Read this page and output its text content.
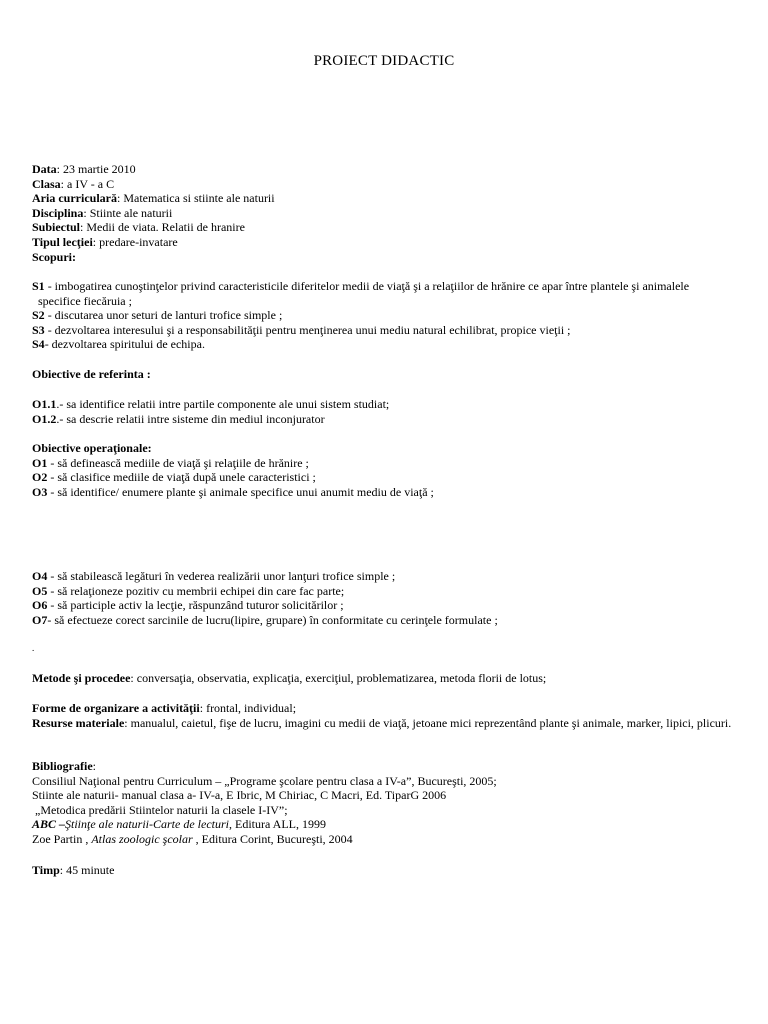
PROIECT DIDACTIC
Data: 23 martie 2010
Clasa: a IV - a C
Aria curriculară: Matematica si stiinte ale naturii
Disciplina: Stiinte ale naturii
Subiectul: Medii de viata. Relatii de hranire
Tipul lecţiei: predare-invatare
Scopuri:
S1 - imbogatirea cunoştinţelor privind caracteristicile diferitelor medii de viaţă şi a relaţiilor de hrănire ce apar între plantele şi animalele
specifice fiecăruia ;
S2 - discutarea unor seturi de lanturi trofice simple ;
S3 - dezvoltarea interesului şi a responsabilităţii pentru menţinerea unui mediu natural echilibrat, propice vieţii ;
S4- dezvoltarea spiritului de echipa.
Obiective de referinta :
O1.1.- sa identifice relatii intre partile componente ale unui sistem studiat;
O1.2.- sa descrie relatii intre sisteme din mediul inconjurator
Obiective operaţionale:
O1 - să definească mediile de viaţă şi relaţiile de hrănire ;
O2 - să clasifice mediile de viaţă după unele caracteristici ;
O3 - să identifice/ enumere plante şi animale specifice unui anumit mediu de viaţă ;
O4 - să stabilească legături în vederea realizării unor lanţuri trofice simple ;
O5 - să relaţioneze pozitiv cu membrii echipei din care fac parte;
O6 - să participle activ la lecţie, răspunzând tuturor solicitărilor ;
O7- să efectueze corect sarcinile de lucru(lipire, grupare) în conformitate cu cerinţele formulate ;
.
Metode şi procedee: conversaţia, observatia, explicaţia, exerciţiul, problematizarea, metoda florii de lotus;
Forme de organizare a activităţii: frontal, individual;
Resurse materiale: manualul, caietul, fişe de lucru, imagini cu medii de viaţă, jetoane mici reprezentând plante şi animale, marker, lipici, plicuri.
Bibliografie:
Consiliul Naţional pentru Curriculum – „Programe şcolare pentru clasa a IV-a”, Bucureşti, 2005;
Stiinte ale naturii- manual clasa a- IV-a, E Ibric, M Chiriac, C Macri, Ed. TiparG 2006
„Metodica predării Stiintelor naturii la clasele I-IV”;
ABC –Ştiinţe ale naturii-Carte de lecturi, Editura ALL, 1999
Zoe Partin , Atlas zoologic şcolar , Editura Corint, Bucureşti, 2004
Timp: 45 minute
